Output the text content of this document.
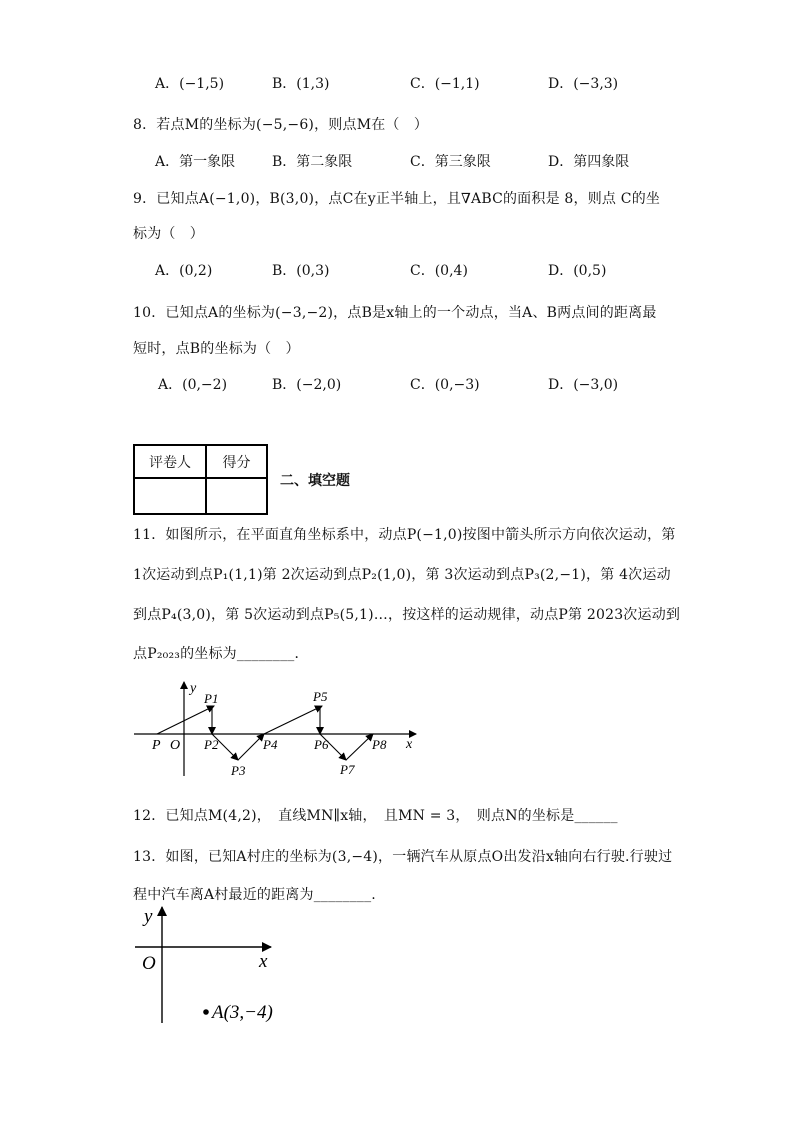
A．(−1,5)	B．(1,3)	C．(−1,1)	D．(−3,3)
8．若点M的坐标为(−5,−6)，则点M在（　）
A．第一象限	B．第二象限	C．第三象限	D．第四象限
9．已知点A(−1,0)，B(3,0)，点C在y正半轴上，且∇ABC的面积是 8，则点 C的坐
标为（　）
A．(0,2)	B．(0,3)	C．(0,4)	D．(0,5)
10．已知点A的坐标为(−3,−2)，点B是x轴上的一个动点，当A、B两点间的距离最
短时，点B的坐标为（　）
A．(0,−2)	B．(−2,0)	C．(0,−3)	D．(−3,0)
评卷人	得分

二、填空题
11．如图所示，在平面直角坐标系中，动点P(−1,0)按图中箭头所示方向依次运动，第
1次运动到点P₁(1,1)第 2次运动到点P₂(1,0)，第 3次运动到点P₃(2,−1)，第 4次运动
到点P₄(3,0)，第 5次运动到点P₅(5,1)…，按这样的运动规律，动点P第 2023次运动到
点P₂₀₂₃的坐标为________．
x
y
O
P
P1
P2
P3
P4
P5
P6
P7
P8
12．已知点M(4,2)，　直线MN∥x轴，　且MN = 3，　则点N的坐标是______
13．如图，已知A村庄的坐标为(3,−4)，一辆汽车从原点O出发沿x轴向右行驶.行驶过
程中汽车离A村最近的距离为________.
y
x
O
A(3,−4)
